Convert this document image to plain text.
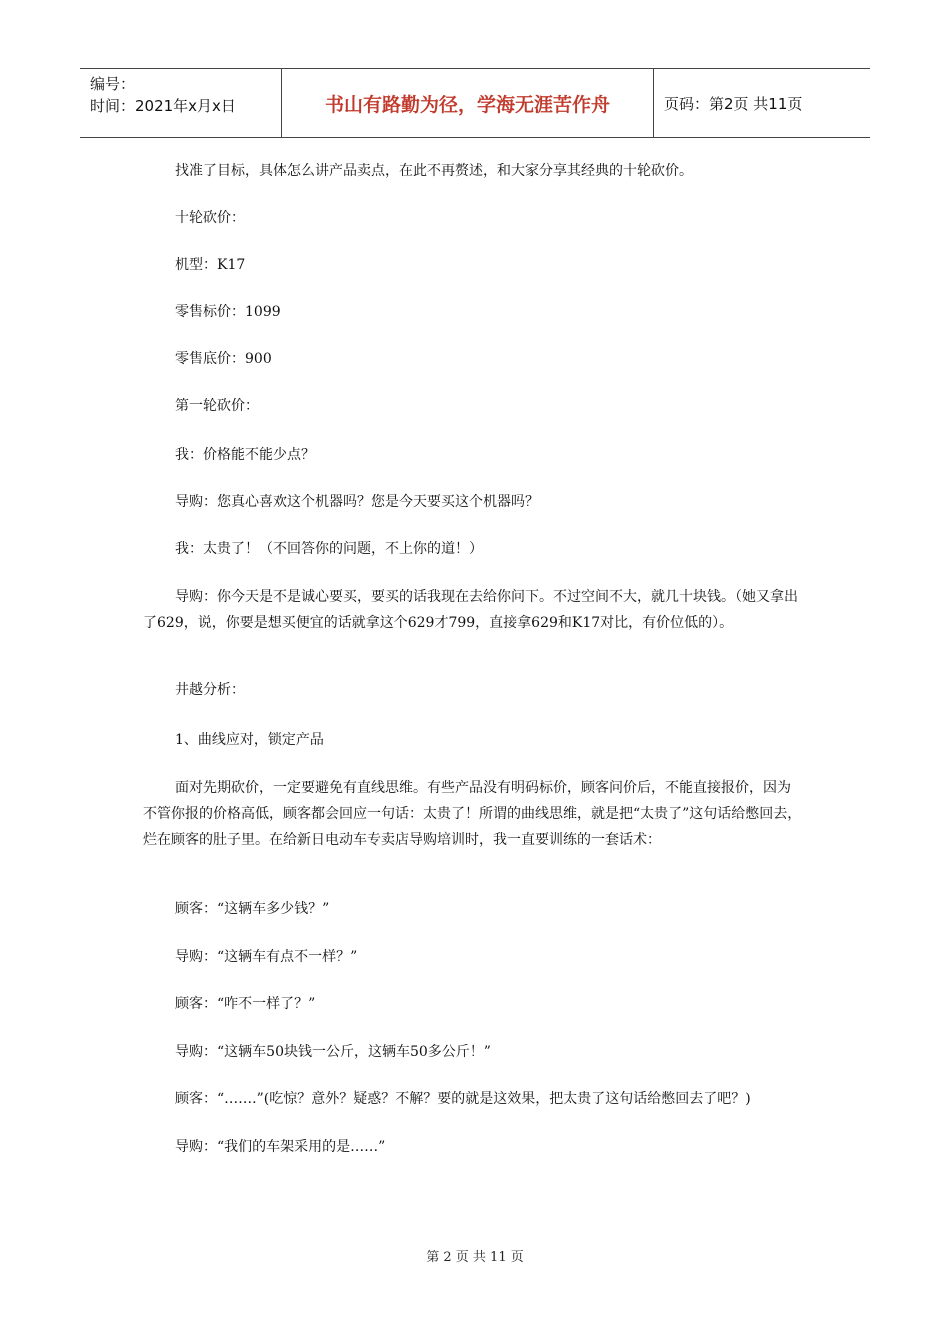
编号：
时间：2021年x月x日	书山有路勤为径，学海无涯苦作舟	页码：第2页 共11页

找准了目标，具体怎么讲产品卖点，在此不再赘述，和大家分享其经典的十轮砍价。

十轮砍价：

机型：K17

零售标价：1099

零售底价：900

第一轮砍价：

我：价格能不能少点？

导购：您真心喜欢这个机器吗？您是今天要买这个机器吗？

我：太贵了！（不回答你的问题，不上你的道！）

导购：你今天是不是诚心要买，要买的话我现在去给你问下。不过空间不大，就几十块钱。（她又拿出了629，说，你要是想买便宜的话就拿这个629才799，直接拿629和K17对比，有价位低的）。

井越分析：

1、曲线应对，锁定产品

面对先期砍价，一定要避免有直线思维。有些产品没有明码标价，顾客问价后，不能直接报价，因为不管你报的价格高低，顾客都会回应一句话：太贵了！所谓的曲线思维，就是把“太贵了”这句话给憋回去，烂在顾客的肚子里。在给新日电动车专卖店导购培训时，我一直要训练的一套话术：

顾客：“这辆车多少钱？”

导购：“这辆车有点不一样？”

顾客：“咋不一样了？”

导购：“这辆车50块钱一公斤，这辆车50多公斤！”

顾客：“…….”(吃惊？意外？疑惑？不解？要的就是这效果，把太贵了这句话给憋回去了吧？)

导购：“我们的车架采用的是……”

第 2 页 共 11 页
